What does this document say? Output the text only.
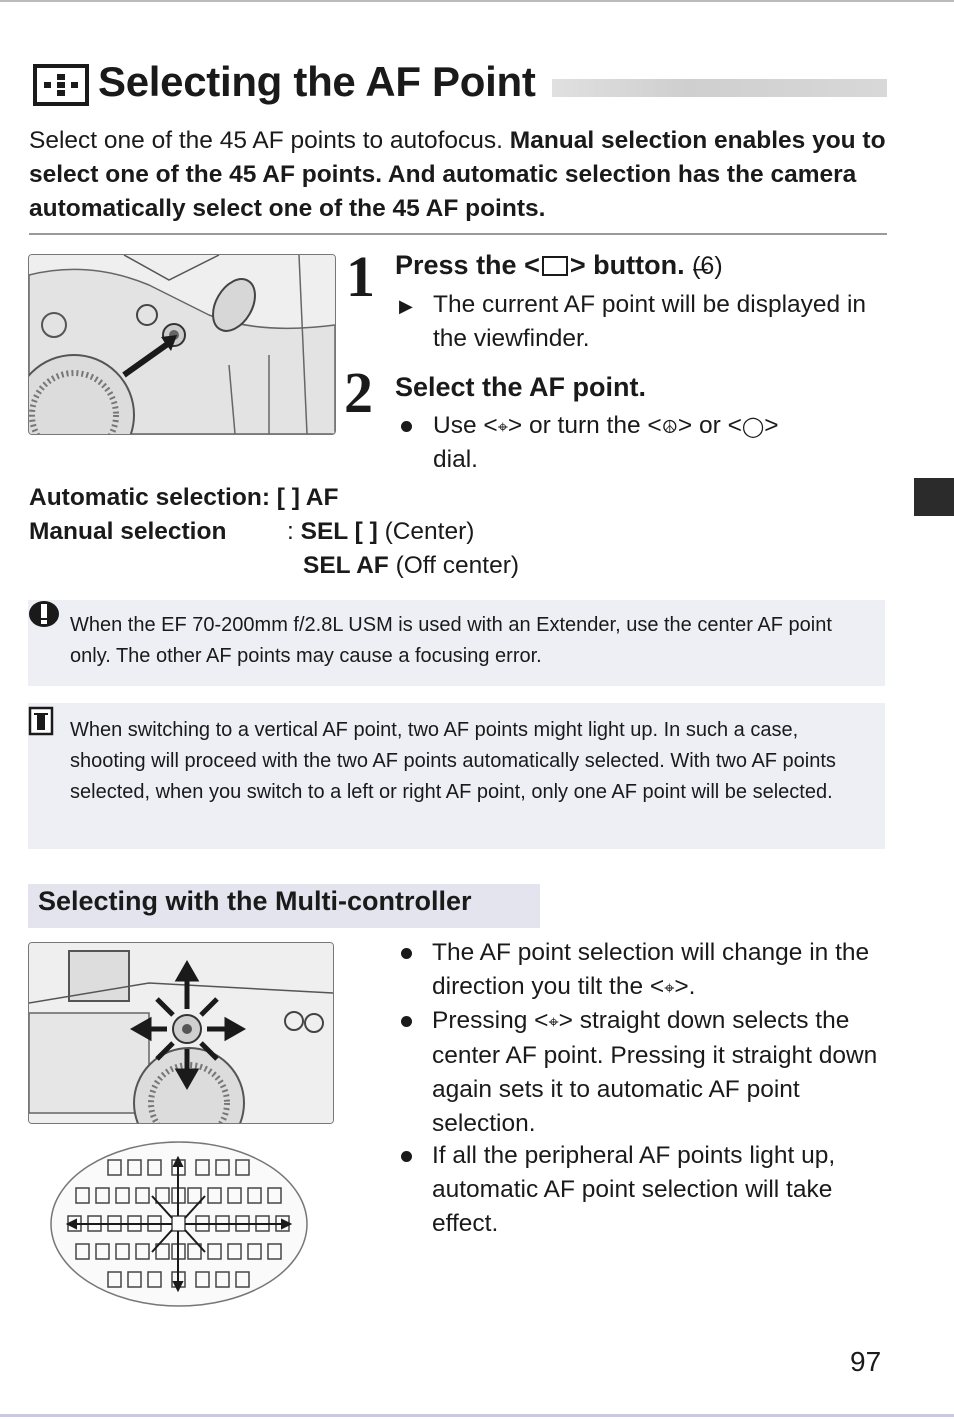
Selecting the AF Point
Select one of the 45 AF points to autofocus. Manual selection enables you to select one of the 45 AF points. And automatic selection has the camera automatically select one of the 45 AF points.
1 Press the < > button. (̶6)
▶ The current AF point will be displayed in the viewfinder.
2 Select the AF point.
Use <⌖> or turn the <☮> or <◯>
dial.
Automatic selection: [ ] AF
Manual selection : SEL [ ] (Center)
SEL AF (Off center)
When the EF 70-200mm f/2.8L USM is used with an Extender, use the center AF point only. The other AF points may cause a focusing error.
When switching to a vertical AF point, two AF points might light up. In such a case, shooting will proceed with the two AF points automatically selected. With two AF points selected, when you switch to a left or right AF point, only one AF point will be selected.
Selecting with the Multi-controller
The AF point selection will change in the direction you tilt the <⌖>.
Pressing <⌖> straight down selects the center AF point. Pressing it straight down again sets it to automatic AF point selection.
If all the peripheral AF points light up, automatic AF point selection will take effect.
97
